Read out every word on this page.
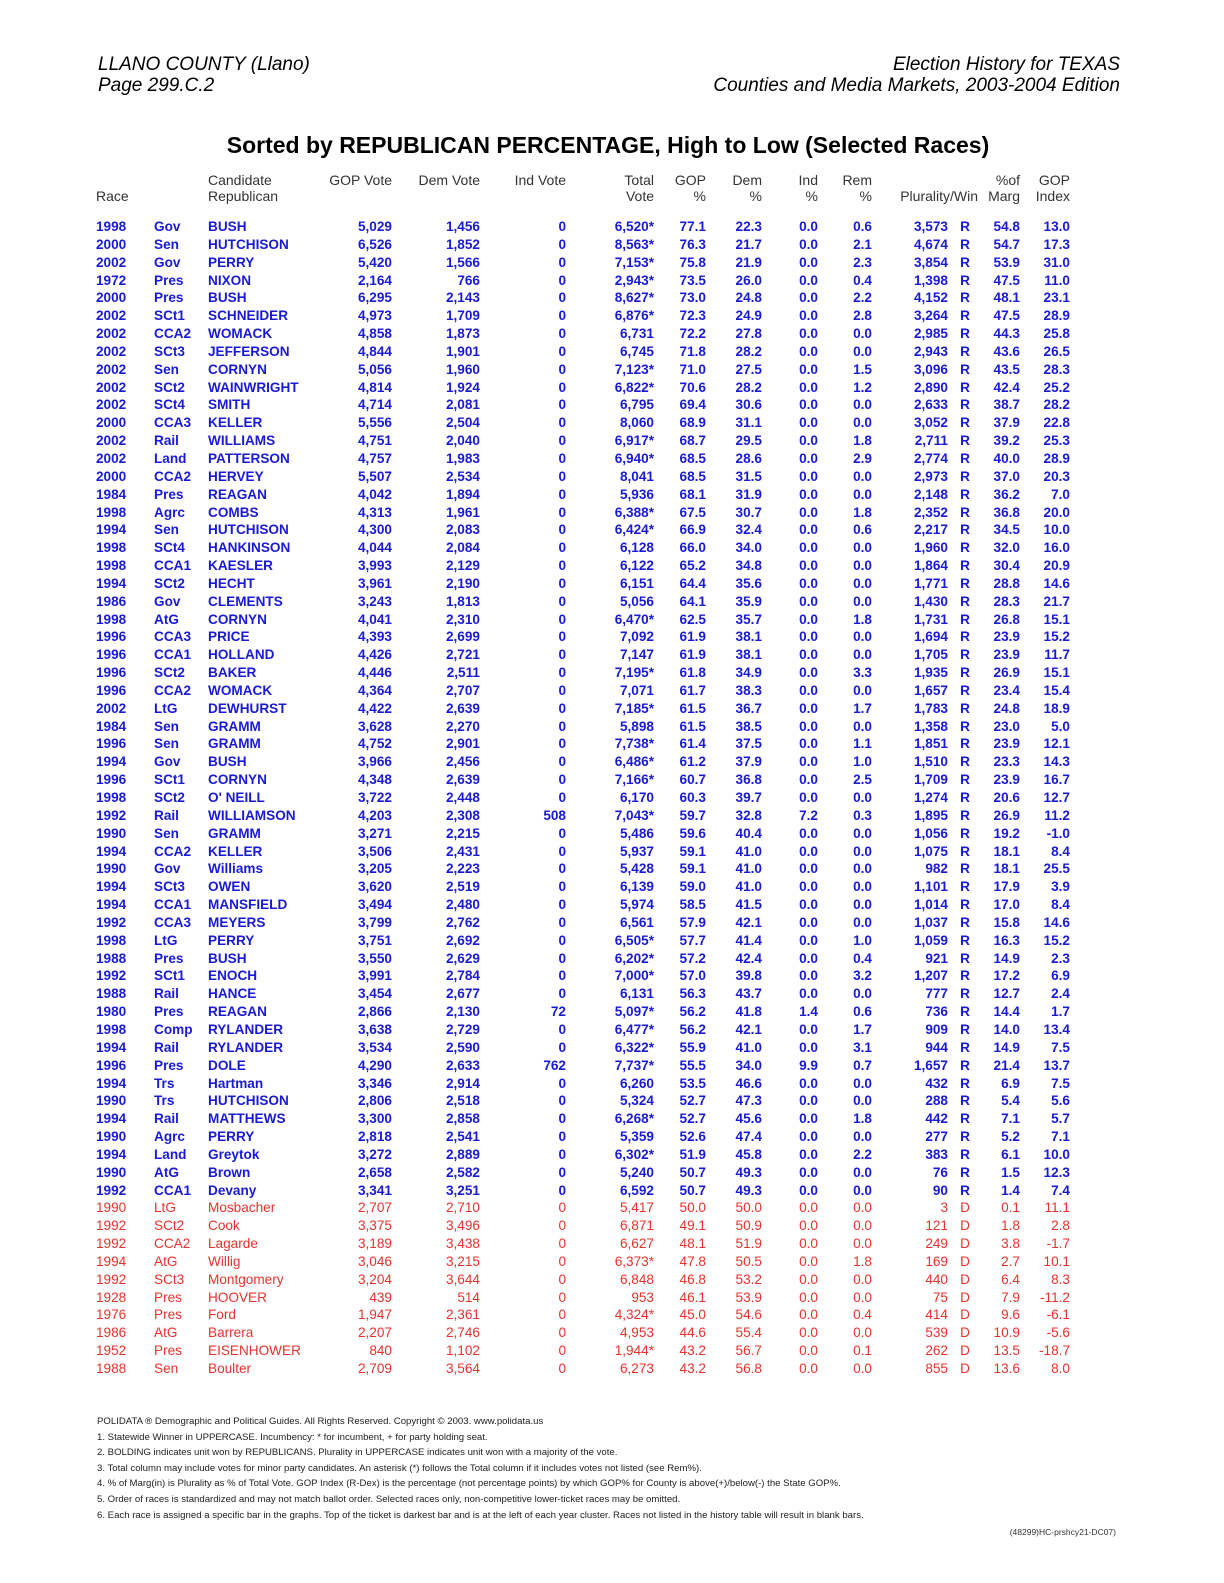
LLANO COUNTY (Llano)
Page 299.C.2
Election History for TEXAS
Counties and Media Markets, 2003-2004 Edition
Sorted by REPUBLICAN PERCENTAGE, High to Low (Selected Races)

Race		Candidate
Republican	GOP Vote	Dem Vote	Ind Vote	Total
Vote	GOP
%	Dem
%	Ind
%	Rem
%	Plurality/Win		%of
Marg	GOP
Index
1998	Gov	BUSH	5,029	1,456	0	6,520*	77.1	22.3	0.0	0.6	3,573	R	54.8	13.0
2000	Sen	HUTCHISON	6,526	1,852	0	8,563*	76.3	21.7	0.0	2.1	4,674	R	54.7	17.3
2002	Gov	PERRY	5,420	1,566	0	7,153*	75.8	21.9	0.0	2.3	3,854	R	53.9	31.0
1972	Pres	NIXON	2,164	766	0	2,943*	73.5	26.0	0.0	0.4	1,398	R	47.5	11.0
2000	Pres	BUSH	6,295	2,143	0	8,627*	73.0	24.8	0.0	2.2	4,152	R	48.1	23.1
2002	SCt1	SCHNEIDER	4,973	1,709	0	6,876*	72.3	24.9	0.0	2.8	3,264	R	47.5	28.9
2002	CCA2	WOMACK	4,858	1,873	0	6,731	72.2	27.8	0.0	0.0	2,985	R	44.3	25.8
2002	SCt3	JEFFERSON	4,844	1,901	0	6,745	71.8	28.2	0.0	0.0	2,943	R	43.6	26.5
2002	Sen	CORNYN	5,056	1,960	0	7,123*	71.0	27.5	0.0	1.5	3,096	R	43.5	28.3
2002	SCt2	WAINWRIGHT	4,814	1,924	0	6,822*	70.6	28.2	0.0	1.2	2,890	R	42.4	25.2
2002	SCt4	SMITH	4,714	2,081	0	6,795	69.4	30.6	0.0	0.0	2,633	R	38.7	28.2
2000	CCA3	KELLER	5,556	2,504	0	8,060	68.9	31.1	0.0	0.0	3,052	R	37.9	22.8
2002	Rail	WILLIAMS	4,751	2,040	0	6,917*	68.7	29.5	0.0	1.8	2,711	R	39.2	25.3
2002	Land	PATTERSON	4,757	1,983	0	6,940*	68.5	28.6	0.0	2.9	2,774	R	40.0	28.9
2000	CCA2	HERVEY	5,507	2,534	0	8,041	68.5	31.5	0.0	0.0	2,973	R	37.0	20.3
1984	Pres	REAGAN	4,042	1,894	0	5,936	68.1	31.9	0.0	0.0	2,148	R	36.2	7.0
1998	Agrc	COMBS	4,313	1,961	0	6,388*	67.5	30.7	0.0	1.8	2,352	R	36.8	20.0
1994	Sen	HUTCHISON	4,300	2,083	0	6,424*	66.9	32.4	0.0	0.6	2,217	R	34.5	10.0
1998	SCt4	HANKINSON	4,044	2,084	0	6,128	66.0	34.0	0.0	0.0	1,960	R	32.0	16.0
1998	CCA1	KAESLER	3,993	2,129	0	6,122	65.2	34.8	0.0	0.0	1,864	R	30.4	20.9
1994	SCt2	HECHT	3,961	2,190	0	6,151	64.4	35.6	0.0	0.0	1,771	R	28.8	14.6
1986	Gov	CLEMENTS	3,243	1,813	0	5,056	64.1	35.9	0.0	0.0	1,430	R	28.3	21.7
1998	AtG	CORNYN	4,041	2,310	0	6,470*	62.5	35.7	0.0	1.8	1,731	R	26.8	15.1
1996	CCA3	PRICE	4,393	2,699	0	7,092	61.9	38.1	0.0	0.0	1,694	R	23.9	15.2
1996	CCA1	HOLLAND	4,426	2,721	0	7,147	61.9	38.1	0.0	0.0	1,705	R	23.9	11.7
1996	SCt2	BAKER	4,446	2,511	0	7,195*	61.8	34.9	0.0	3.3	1,935	R	26.9	15.1
1996	CCA2	WOMACK	4,364	2,707	0	7,071	61.7	38.3	0.0	0.0	1,657	R	23.4	15.4
2002	LtG	DEWHURST	4,422	2,639	0	7,185*	61.5	36.7	0.0	1.7	1,783	R	24.8	18.9
1984	Sen	GRAMM	3,628	2,270	0	5,898	61.5	38.5	0.0	0.0	1,358	R	23.0	5.0
1996	Sen	GRAMM	4,752	2,901	0	7,738*	61.4	37.5	0.0	1.1	1,851	R	23.9	12.1
1994	Gov	BUSH	3,966	2,456	0	6,486*	61.2	37.9	0.0	1.0	1,510	R	23.3	14.3
1996	SCt1	CORNYN	4,348	2,639	0	7,166*	60.7	36.8	0.0	2.5	1,709	R	23.9	16.7
1998	SCt2	O' NEILL	3,722	2,448	0	6,170	60.3	39.7	0.0	0.0	1,274	R	20.6	12.7
1992	Rail	WILLIAMSON	4,203	2,308	508	7,043*	59.7	32.8	7.2	0.3	1,895	R	26.9	11.2
1990	Sen	GRAMM	3,271	2,215	0	5,486	59.6	40.4	0.0	0.0	1,056	R	19.2	-1.0
1994	CCA2	KELLER	3,506	2,431	0	5,937	59.1	41.0	0.0	0.0	1,075	R	18.1	8.4
1990	Gov	Williams	3,205	2,223	0	5,428	59.1	41.0	0.0	0.0	982	R	18.1	25.5
1994	SCt3	OWEN	3,620	2,519	0	6,139	59.0	41.0	0.0	0.0	1,101	R	17.9	3.9
1994	CCA1	MANSFIELD	3,494	2,480	0	5,974	58.5	41.5	0.0	0.0	1,014	R	17.0	8.4
1992	CCA3	MEYERS	3,799	2,762	0	6,561	57.9	42.1	0.0	0.0	1,037	R	15.8	14.6
1998	LtG	PERRY	3,751	2,692	0	6,505*	57.7	41.4	0.0	1.0	1,059	R	16.3	15.2
1988	Pres	BUSH	3,550	2,629	0	6,202*	57.2	42.4	0.0	0.4	921	R	14.9	2.3
1992	SCt1	ENOCH	3,991	2,784	0	7,000*	57.0	39.8	0.0	3.2	1,207	R	17.2	6.9
1988	Rail	HANCE	3,454	2,677	0	6,131	56.3	43.7	0.0	0.0	777	R	12.7	2.4
1980	Pres	REAGAN	2,866	2,130	72	5,097*	56.2	41.8	1.4	0.6	736	R	14.4	1.7
1998	Comp	RYLANDER	3,638	2,729	0	6,477*	56.2	42.1	0.0	1.7	909	R	14.0	13.4
1994	Rail	RYLANDER	3,534	2,590	0	6,322*	55.9	41.0	0.0	3.1	944	R	14.9	7.5
1996	Pres	DOLE	4,290	2,633	762	7,737*	55.5	34.0	9.9	0.7	1,657	R	21.4	13.7
1994	Trs	Hartman	3,346	2,914	0	6,260	53.5	46.6	0.0	0.0	432	R	6.9	7.5
1990	Trs	HUTCHISON	2,806	2,518	0	5,324	52.7	47.3	0.0	0.0	288	R	5.4	5.6
1994	Rail	MATTHEWS	3,300	2,858	0	6,268*	52.7	45.6	0.0	1.8	442	R	7.1	5.7
1990	Agrc	PERRY	2,818	2,541	0	5,359	52.6	47.4	0.0	0.0	277	R	5.2	7.1
1994	Land	Greytok	3,272	2,889	0	6,302*	51.9	45.8	0.0	2.2	383	R	6.1	10.0
1990	AtG	Brown	2,658	2,582	0	5,240	50.7	49.3	0.0	0.0	76	R	1.5	12.3
1992	CCA1	Devany	3,341	3,251	0	6,592	50.7	49.3	0.0	0.0	90	R	1.4	7.4
1990	LtG	Mosbacher	2,707	2,710	0	5,417	50.0	50.0	0.0	0.0	3	D	0.1	11.1
1992	SCt2	Cook	3,375	3,496	0	6,871	49.1	50.9	0.0	0.0	121	D	1.8	2.8
1992	CCA2	Lagarde	3,189	3,438	0	6,627	48.1	51.9	0.0	0.0	249	D	3.8	-1.7
1994	AtG	Willig	3,046	3,215	0	6,373*	47.8	50.5	0.0	1.8	169	D	2.7	10.1
1992	SCt3	Montgomery	3,204	3,644	0	6,848	46.8	53.2	0.0	0.0	440	D	6.4	8.3
1928	Pres	HOOVER	439	514	0	953	46.1	53.9	0.0	0.0	75	D	7.9	-11.2
1976	Pres	Ford	1,947	2,361	0	4,324*	45.0	54.6	0.0	0.4	414	D	9.6	-6.1
1986	AtG	Barrera	2,207	2,746	0	4,953	44.6	55.4	0.0	0.0	539	D	10.9	-5.6
1952	Pres	EISENHOWER	840	1,102	0	1,944*	43.2	56.7	0.0	0.1	262	D	13.5	-18.7
1988	Sen	Boulter	2,709	3,564	0	6,273	43.2	56.8	0.0	0.0	855	D	13.6	8.0
POLIDATA ® Demographic and Political Guides. All Rights Reserved. Copyright © 2003. www.polidata.us
1. Statewide Winner in UPPERCASE. Incumbency: * for incumbent, + for party holding seat.
2. BOLDING indicates unit won by REPUBLICANS. Plurality in UPPERCASE indicates unit won with a majority of the vote.
3. Total column may include votes for minor party candidates. An asterisk (*) follows the Total column if it includes votes not listed (see Rem%).
4. % of Marg(in) is Plurality as % of Total Vote. GOP Index (R-Dex) is the percentage (not percentage points) by which GOP% for County is above(+)/below(-) the State GOP%.
5. Order of races is standardized and may not match ballot order. Selected races only, non-competitive lower-ticket races may be omitted.
6. Each race is assigned a specific bar in the graphs. Top of the ticket is darkest bar and is at the left of each year cluster. Races not listed in the history table will result in blank bars.
(48299)HC-prshcy21-DC07)
